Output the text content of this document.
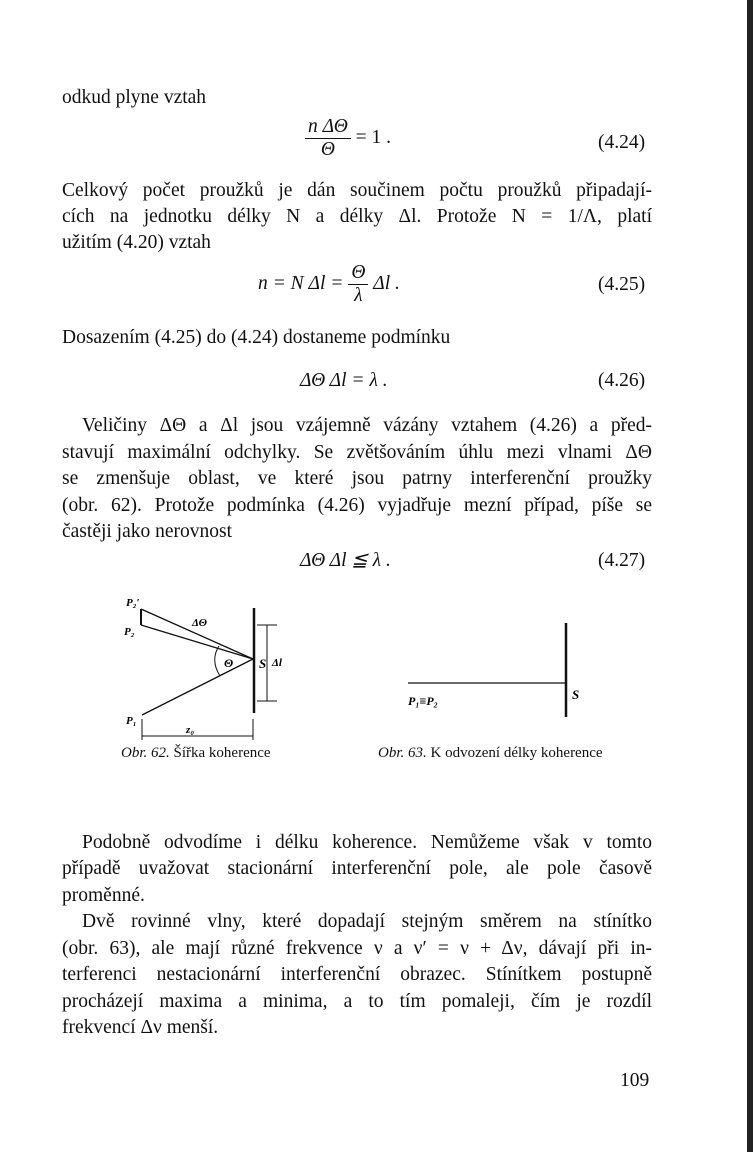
odkud plyne vztah
$\frac{\text{n ΔΘ}}{\Theta} = 1$ .	(4.24)
Celkový počet proužků je dán součinem počtu proužků připadají-
cích na jednotku délky N a délky Δl. Protože N = 1/Λ, platí
užitím (4.20) vztah
n = N $\Delta l = \frac{\Theta}{\lambda}$ Δl .	(4.25)
Dosazením (4.25) do (4.24) dostaneme podmínku
ΔΘ Δl = λ .	(4.26)
Veličiny ΔΘ a Δl jsou vzájemně vázány vztahem (4.26) a před-
stavují maximální odchylky. Se zvětšováním úhlu mezi vlnami ΔΘ
se zmenšuje oblast, ve které jsou patrny interferenční proužky
(obr. 62). Protože podmínka (4.26) vyjadřuje mezní případ, píše se
častěji jako nerovnost
ΔΘ Δl ≦ λ .	(4.27)
P₂′
P₂
P₁
ΔΘ
Θ S Δl
z₀
P₁≡P₂	S
Obr. 62. Šířka koherence	Obr. 63. K odvození délky koherence
Podobně odvodíme i délku koherence. Nemůžeme však v tomto
případě uvažovat stacionární interferenční pole, ale pole časově
proměnné.
Dvě rovinné vlny, které dopadají stejným směrem na stínítko
(obr. 63), ale mají různé frekvence ν a ν′ = ν + Δν, dávají při in-
terferenci nestacionární interferenční obrazec. Stínítkem postupně
procházejí maxima a minima, a to tím pomaleji, čím je rozdíl
frekvencí Δν menší.
109
